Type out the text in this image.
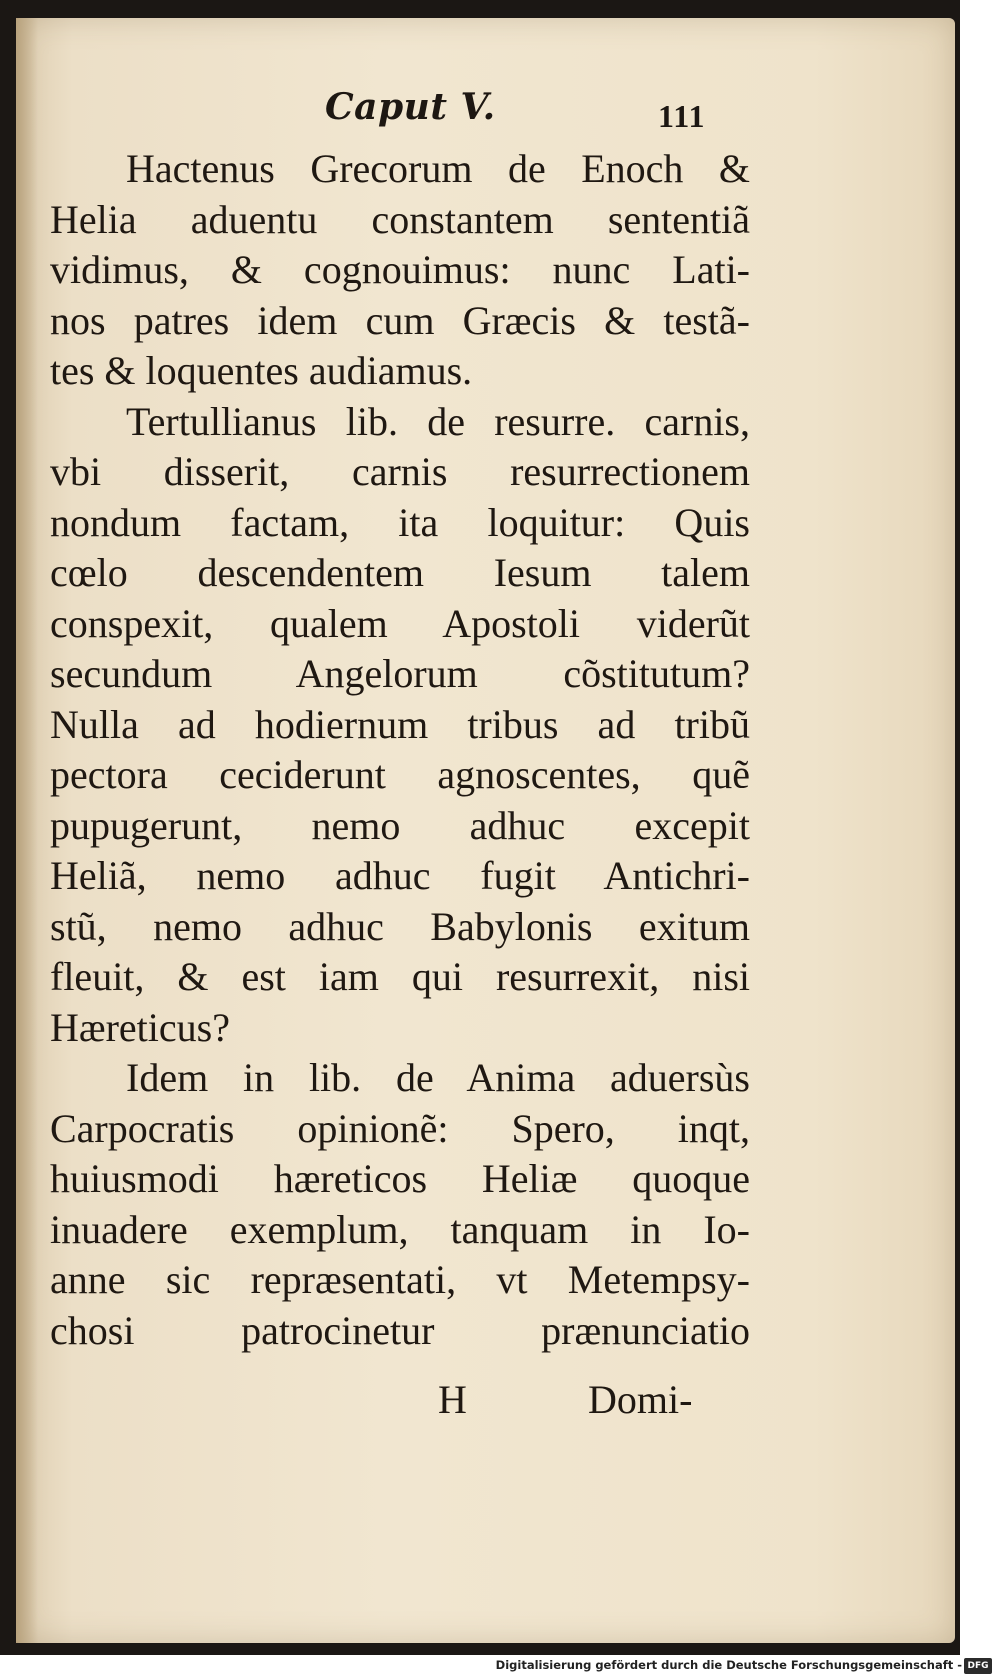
Caput V.	111
Hactenus Grecorum de Enoch &
Helia aduentu constantem sententiã
vidimus, & cognouimus: nunc Lati-
nos patres idem cum Græcis & testã-
tes & loquentes audiamus.
Tertullianus lib. de resurre. carnis,
vbi disserit, carnis resurrectionem
nondum factam, ita loquitur: Quis
cœlo descendentem Iesum talem
conspexit, qualem Apostoli viderũt
secundum Angelorum cõstitutum?
Nulla ad hodiernum tribus ad tribũ
pectora ceciderunt agnoscentes, quẽ
pupugerunt, nemo adhuc excepit
Heliã, nemo adhuc fugit Antichri-
stũ, nemo adhuc Babylonis exitum
fleuit, & est iam qui resurrexit, nisi
Hæreticus?
Idem in lib. de Anima aduersùs
Carpocratis opinionẽ: Spero, inqt,
huiusmodi hæreticos Heliæ quoque
inuadere exemplum, tanquam in Io-
anne sic repræsentati, vt Metempsy-
chosi patrocinetur prænunciatio
H	Domi-
Digitalisierung gefördert durch die Deutsche Forschungsgemeinschaft - DFG
